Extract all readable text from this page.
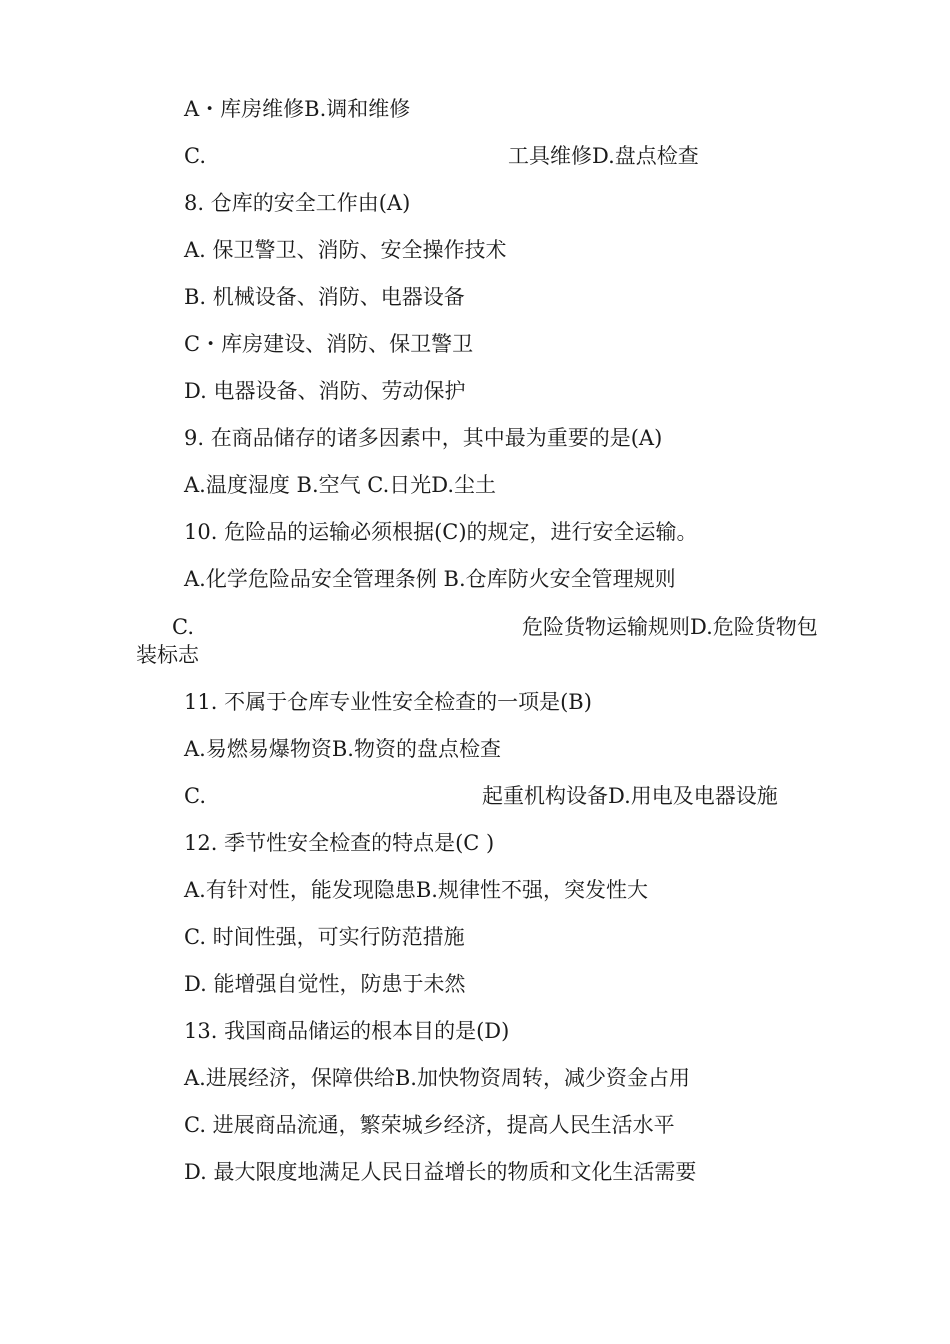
A・库房维修B.调和维修
C.	工具维修D.盘点检查
8. 仓库的安全工作由(A)
A. 保卫警卫、消防、安全操作技术
B. 机械设备、消防、电器设备
C・库房建设、消防、保卫警卫
D. 电器设备、消防、劳动保护
9. 在商品储存的诸多因素中，其中最为重要的是(A)
A.温度湿度 B.空气 C.日光D.尘土
10. 危险品的运输必须根据(C)的规定，进行安全运输。
A.化学危险品安全管理条例 B.仓库防火安全管理规则
C.	危险货物运输规则D.危险货物包
装标志
11. 不属于仓库专业性安全检查的一项是(B)
A.易燃易爆物资B.物资的盘点检查
C.	起重机构设备D.用电及电器设施
12. 季节性安全检查的特点是(C )
A.有针对性，能发现隐患B.规律性不强，突发性大
C. 时间性强，可实行防范措施
D. 能增强自觉性，防患于未然
13. 我国商品储运的根本目的是(D)
A.进展经济，保障供给B.加快物资周转，减少资金占用
C. 进展商品流通，繁荣城乡经济，提高人民生活水平
D. 最大限度地满足人民日益增长的物质和文化生活需要
